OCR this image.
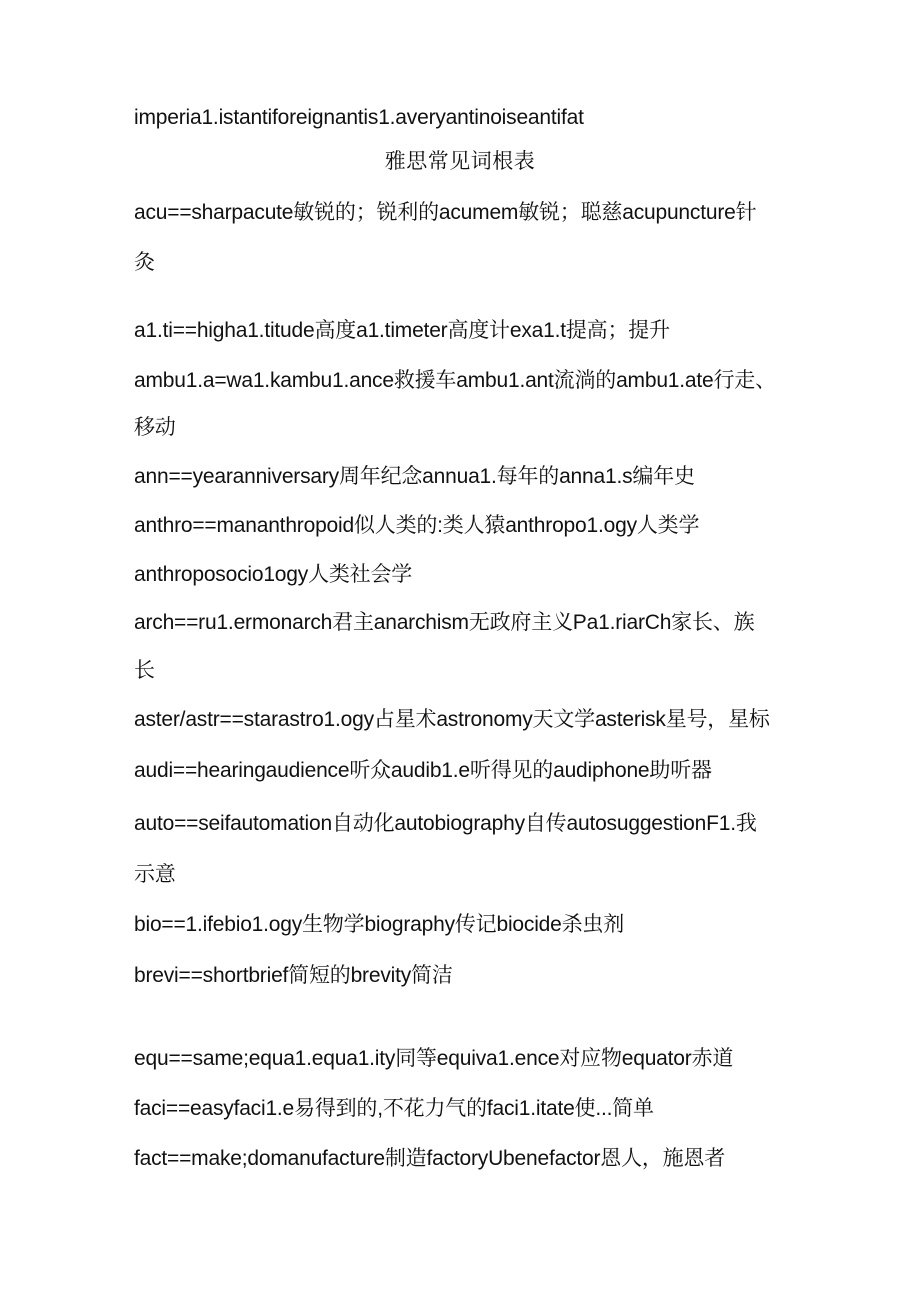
imperia1.istantiforeignantis1.averyantinoiseantifat
雅思常见词根表
acu==sharpacute敏锐的；锐利的acumem敏锐；聪慈acupuncture针
灸
a1.ti==higha1.titude高度a1.timeter高度计exa1.t提高；提升
ambu1.a=wa1.kambu1.ance救援车ambu1.ant流淌的ambu1.ate行走、
移动
ann==yearanniversary周年纪念annua1.每年的anna1.s编年史
anthro==mananthropoid似人类的:类人猿anthropo1.ogy人类学
anthroposocio1ogy人类社会学
arch==ru1.ermonarch君主anarchism无政府主义Pa1.riarCh家长、族
长
aster/astr==starastro1.ogy占星术astronomy天文学asterisk星号，星标
audi==hearingaudience听众audib1.e听得见的audiphone助听器
auto==seifautomation自动化autobiography自传autosuggestionF1.我
示意
bio==1.ifebio1.ogy生物学biography传记biocide杀虫剂
brevi==shortbrief简短的brevity简洁
equ==same;equa1.equa1.ity同等equiva1.ence对应物equator赤道
faci==easyfaci1.e易得到的,不花力气的faci1.itate使...简单
fact==make;domanufacture制造factoryUbenefactor恩人，施恩者
